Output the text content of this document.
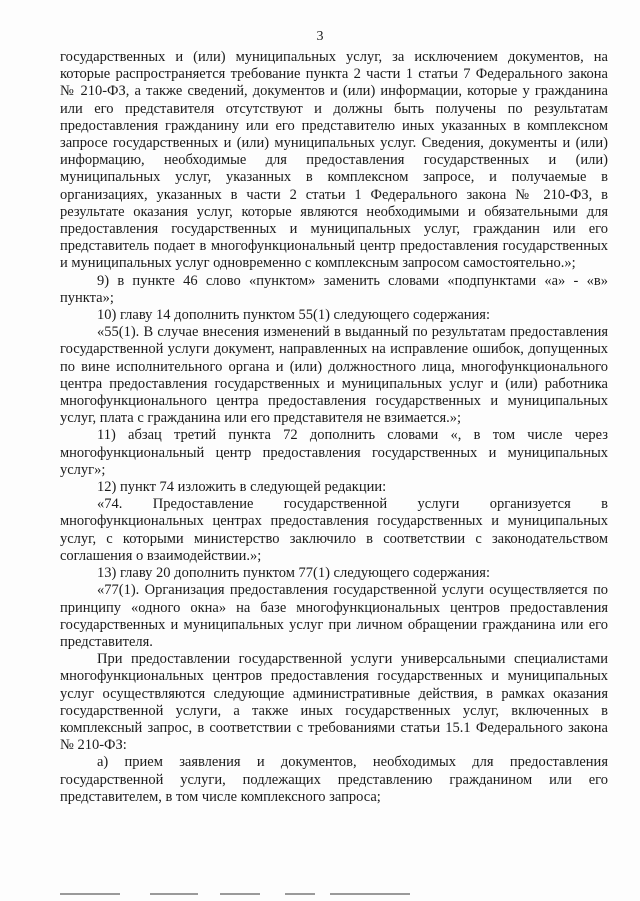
3

государственных и (или) муниципальных услуг, за исключением документов, на которые распространяется требование пункта 2 части 1 статьи 7 Федерального закона № 210-ФЗ, а также сведений, документов и (или) информации, которые у гражданина или его представителя отсутствуют и должны быть получены по результатам предоставления гражданину или его представителю иных указанных в комплексном запросе государственных и (или) муниципальных услуг. Сведения, документы и (или) информацию, необходимые для предоставления государственных и (или) муниципальных услуг, указанных в комплексном запросе, и получаемые в организациях, указанных в части 2 статьи 1 Федерального закона № 210-ФЗ, в результате оказания услуг, которые являются необходимыми и обязательными для предоставления государственных и муниципальных услуг, гражданин или его представитель подает в многофункциональный центр предоставления государственных и муниципальных услуг одновременно с комплексным запросом самостоятельно.»;

9) в пункте 46 слово «пунктом» заменить словами «подпунктами «а» - «в» пункта»;

10) главу 14 дополнить пунктом 55(1) следующего содержания:

«55(1). В случае внесения изменений в выданный по результатам предоставления государственной услуги документ, направленных на исправление ошибок, допущенных по вине исполнительного органа и (или) должностного лица, многофункционального центра предоставления государственных и муниципальных услуг и (или) работника многофункционального центра предоставления государственных и муниципальных услуг, плата с гражданина или его представителя не взимается.»;

11) абзац третий пункта 72 дополнить словами «, в том числе через многофункциональный центр предоставления государственных и муниципальных услуг»;

12) пункт 74 изложить в следующей редакции:

«74. Предоставление государственной услуги организуется в многофункциональных центрах предоставления государственных и муниципальных услуг, с которыми министерство заключило в соответствии с законодательством соглашения о взаимодействии.»;

13) главу 20 дополнить пунктом 77(1) следующего содержания:

«77(1). Организация предоставления государственной услуги осуществляется по принципу «одного окна» на базе многофункциональных центров предоставления государственных и муниципальных услуг при личном обращении гражданина или его представителя.

При предоставлении государственной услуги универсальными специалистами многофункциональных центров предоставления государственных и муниципальных услуг осуществляются следующие административные действия, в рамках оказания государственной услуги, а также иных государственных услуг, включенных в комплексный запрос, в соответствии с требованиями статьи 15.1 Федерального закона № 210-ФЗ:

а) прием заявления и документов, необходимых для предоставления государственной услуги, подлежащих представлению гражданином или его представителем, в том числе комплексного запроса;
